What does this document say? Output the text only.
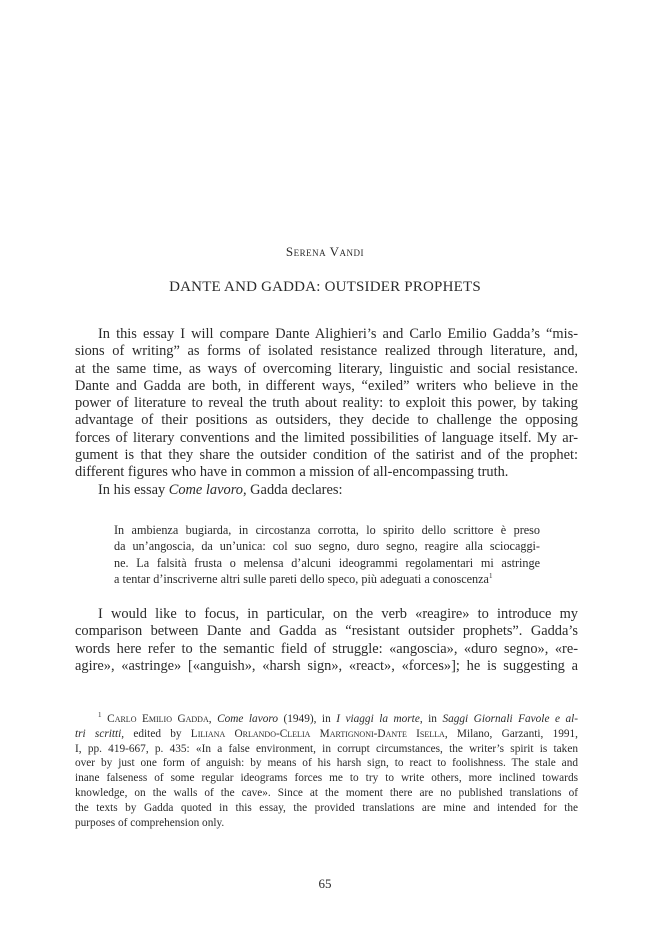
Serena Vandi
DANTE AND GADDA: OUTSIDER PROPHETS
In this essay I will compare Dante Alighieri’s and Carlo Emilio Gadda’s “mis-
sions of writing” as forms of isolated resistance realized through literature, and,
at the same time, as ways of overcoming literary, linguistic and social resistance.
Dante and Gadda are both, in different ways, “exiled” writers who believe in the
power of literature to reveal the truth about reality: to exploit this power, by taking
advantage of their positions as outsiders, they decide to challenge the opposing
forces of literary conventions and the limited possibilities of language itself. My ar-
gument is that they share the outsider condition of the satirist and of the prophet:
different figures who have in common a mission of all-encompassing truth.
In his essay Come lavoro, Gadda declares:
In ambienza bugiarda, in circostanza corrotta, lo spirito dello scrittore è preso
da un’angoscia, da un’unica: col suo segno, duro segno, reagire alla sciocaggi-
ne. La falsità frusta o melensa d’alcuni ideogrammi regolamentari mi astringe
a tentar d’inscriverne altri sulle pareti dello speco, più adeguati a conoscenza$^1$
I would like to focus, in particular, on the verb «reagire» to introduce my
comparison between Dante and Gadda as “resistant outsider prophets”. Gadda’s
words here refer to the semantic field of struggle: «angoscia», «duro segno», «re-
agire», «astringe» [«anguish», «harsh sign», «react», «forces»]; he is suggesting a
$^1$  Carlo Emilio Gadda, Come lavoro (1949), in I viaggi la morte, in Saggi Giornali Favole e al-
tri scritti, edited by Liliana Orlando-Clelia Martignoni-Dante Isella, Milano, Garzanti, 1991,
I, pp. 419-667, p. 435: «In a false environment, in corrupt circumstances, the writer’s spirit is taken
over by just one form of anguish: by means of his harsh sign, to react to foolishness. The stale and
inane falseness of some regular ideograms forces me to try to write others, more inclined towards
knowledge, on the walls of the cave». Since at the moment there are no published translations of
the texts by Gadda quoted in this essay, the provided translations are mine and intended for the
purposes of comprehension only.
65
